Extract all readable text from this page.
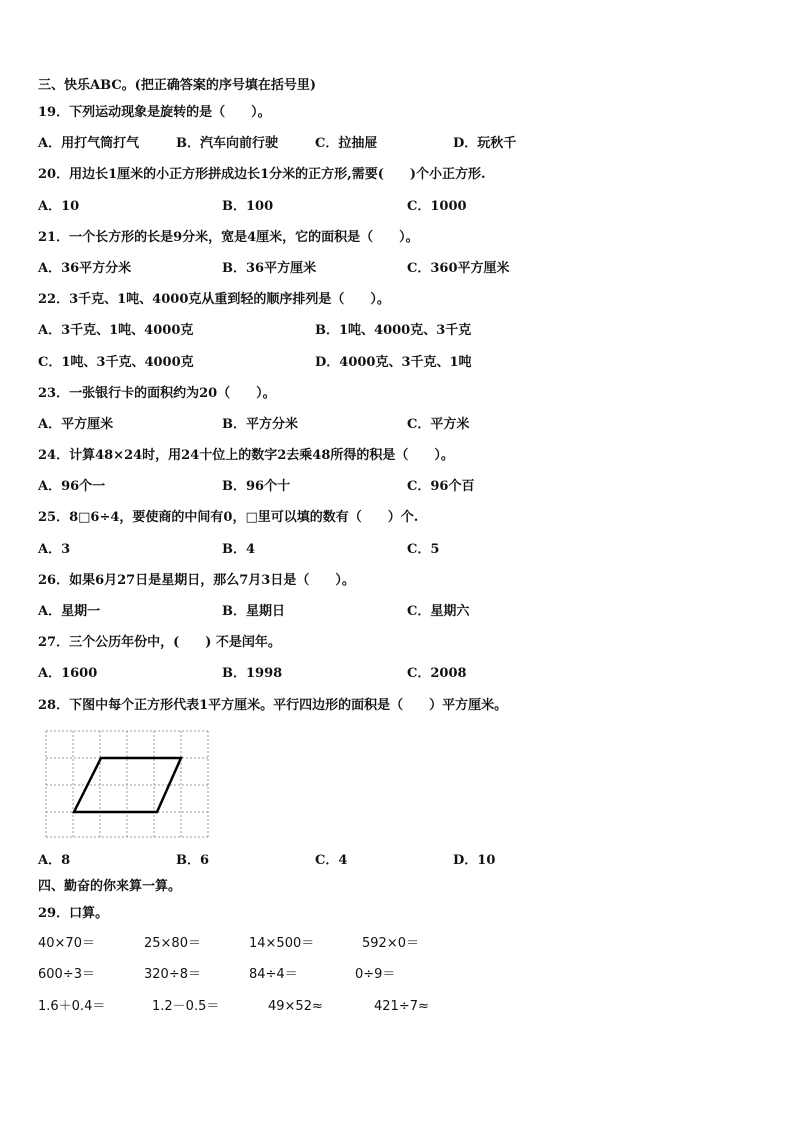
三、快乐ABC。(把正确答案的序号填在括号里)
19．下列运动现象是旋转的是（　　）。
A．用打气筒打气	B．汽车向前行驶	C．拉抽屉	D．玩秋千
20．用边长1厘米的小正方形拼成边长1分米的正方形,需要(　　)个小正方形.
A．10	B．100	C．1000
21．一个长方形的长是9分米，宽是4厘米，它的面积是（　　）。
A．36平方分米	B．36平方厘米	C．360平方厘米
22．3千克、1吨、4000克从重到轻的顺序排列是（　　）。
A．3千克、1吨、4000克	B．1吨、4000克、3千克
C．1吨、3千克、4000克	D．4000克、3千克、1吨
23．一张银行卡的面积约为20（　　）。
A．平方厘米	B．平方分米	C．平方米
24．计算48×24时，用24十位上的数字2去乘48所得的积是（　　）。
A．96个一	B．96个十	C．96个百
25．8□6÷4，要使商的中间有0，□里可以填的数有（　　）个.
A．3	B．4	C．5
26．如果6月27日是星期日，那么7月3日是（　　）。
A．星期一	B．星期日	C．星期六
27．三个公历年份中，(　　) 不是闰年。
A．1600	B．1998	C．2008
28．下图中每个正方形代表1平方厘米。平行四边形的面积是（　　）平方厘米。
A．8	B．6	C．4	D．10
四、勤奋的你来算一算。
29．口算。
40×70＝	25×80＝	14×500＝	592×0＝
600÷3＝	320÷8＝	84÷4＝	0÷9＝
1.6＋0.4＝	1.2－0.5＝	49×52≈	421÷7≈
